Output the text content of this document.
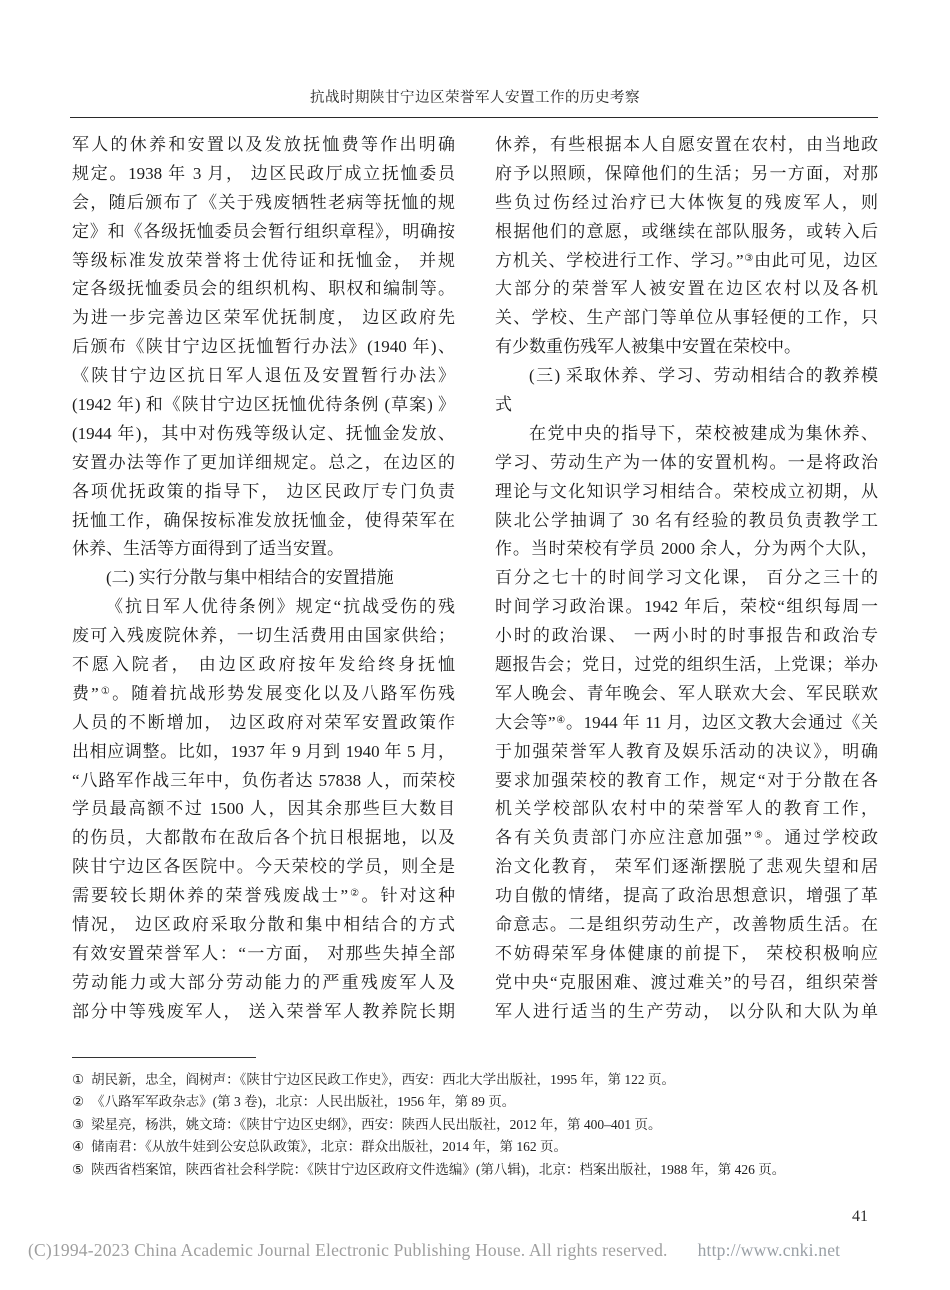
抗战时期陕甘宁边区荣誉军人安置工作的历史考察
军人的休养和安置以及发放抚恤费等作出明确
规定。1938 年 3 月， 边区民政厅成立抚恤委员
会，随后颁布了《关于残废牺牲老病等抚恤的规
定》和《各级抚恤委员会暂行组织章程》，明确按
等级标准发放荣誉将士优待证和抚恤金， 并规
定各级抚恤委员会的组织机构、职权和编制等。
为进一步完善边区荣军优抚制度， 边区政府先
后颁布《陕甘宁边区抚恤暂行办法》(1940 年)、
《陕甘宁边区抗日军人退伍及安置暂行办法》
(1942 年) 和《陕甘宁边区抚恤优待条例 (草案) 》
(1944 年)，其中对伤残等级认定、抚恤金发放、
安置办法等作了更加详细规定。总之，在边区的
各项优抚政策的指导下， 边区民政厅专门负责
抚恤工作，确保按标准发放抚恤金，使得荣军在
休养、生活等方面得到了适当安置。
(二) 实行分散与集中相结合的安置措施
《抗日军人优待条例》规定“抗战受伤的残
废可入残废院休养，一切生活费用由国家供给；
不愿入院者， 由边区政府按年发给终身抚恤
费”①。随着抗战形势发展变化以及八路军伤残
人员的不断增加， 边区政府对荣军安置政策作
出相应调整。比如，1937 年 9 月到 1940 年 5 月，
“八路军作战三年中，负伤者达 57838 人，而荣校
学员最高额不过 1500 人，因其余那些巨大数目
的伤员，大都散布在敌后各个抗日根据地，以及
陕甘宁边区各医院中。今天荣校的学员，则全是
需要较长期休养的荣誉残废战士”②。针对这种
情况， 边区政府采取分散和集中相结合的方式
有效安置荣誉军人：“一方面， 对那些失掉全部
劳动能力或大部分劳动能力的严重残废军人及
部分中等残废军人， 送入荣誉军人教养院长期
休养，有些根据本人自愿安置在农村，由当地政
府予以照顾，保障他们的生活；另一方面，对那
些负过伤经过治疗已大体恢复的残废军人，则
根据他们的意愿，或继续在部队服务，或转入后
方机关、学校进行工作、学习。”③由此可见，边区
大部分的荣誉军人被安置在边区农村以及各机
关、学校、生产部门等单位从事轻便的工作，只
有少数重伤残军人被集中安置在荣校中。
(三) 采取休养、学习、劳动相结合的教养模
式
在党中央的指导下，荣校被建成为集休养、
学习、劳动生产为一体的安置机构。一是将政治
理论与文化知识学习相结合。荣校成立初期，从
陕北公学抽调了 30 名有经验的教员负责教学工
作。当时荣校有学员 2000 余人，分为两个大队，
百分之七十的时间学习文化课， 百分之三十的
时间学习政治课。1942 年后，荣校“组织每周一
小时的政治课、 一两小时的时事报告和政治专
题报告会；党日，过党的组织生活，上党课；举办
军人晚会、青年晚会、军人联欢大会、军民联欢
大会等”④。1944 年 11 月，边区文教大会通过《关
于加强荣誉军人教育及娱乐活动的决议》，明确
要求加强荣校的教育工作，规定“对于分散在各
机关学校部队农村中的荣誉军人的教育工作，
各有关负责部门亦应注意加强”⑤。通过学校政
治文化教育， 荣军们逐渐摆脱了悲观失望和居
功自傲的情绪，提高了政治思想意识，增强了革
命意志。二是组织劳动生产，改善物质生活。在
不妨碍荣军身体健康的前提下， 荣校积极响应
党中央“克服困难、渡过难关”的号召，组织荣誉
军人进行适当的生产劳动， 以分队和大队为单
① 胡民新，忠全，阎树声：《陕甘宁边区民政工作史》，西安：西北大学出版社，1995 年，第 122 页。
② 《八路军军政杂志》(第 3 卷)，北京：人民出版社，1956 年，第 89 页。
③ 梁星亮，杨洪，姚文琦：《陕甘宁边区史纲》，西安：陕西人民出版社，2012 年，第 400–401 页。
④ 储南君：《从放牛娃到公安总队政策》，北京：群众出版社，2014 年，第 162 页。
⑤ 陕西省档案馆，陕西省社会科学院：《陕甘宁边区政府文件选编》(第八辑)，北京：档案出版社，1988 年，第 426 页。
41
(C)1994-2023 China Academic Journal Electronic Publishing House. All rights reserved. http://www.cnki.net
